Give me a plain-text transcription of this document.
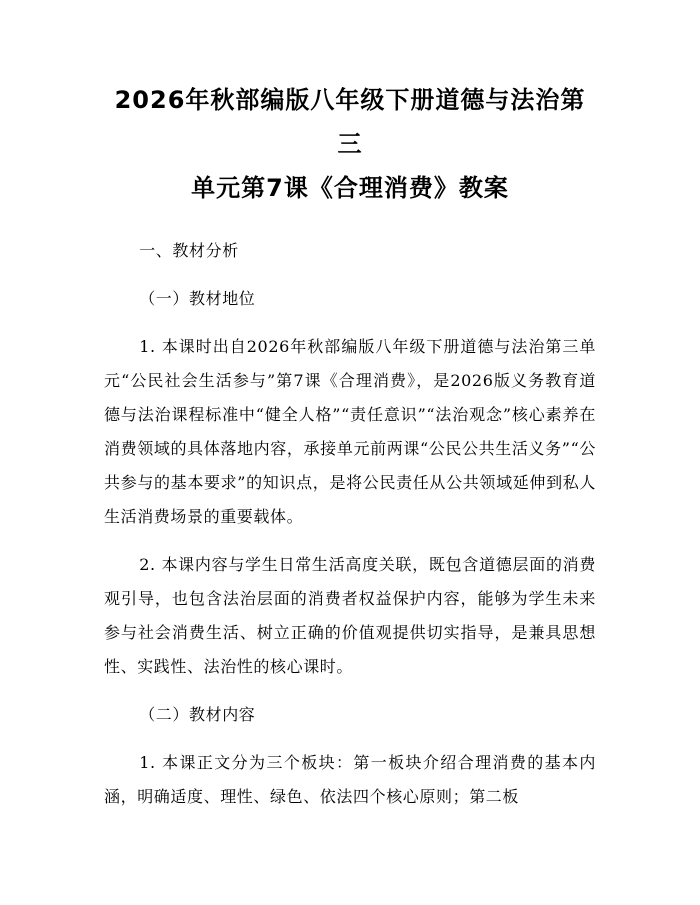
2026年秋部编版八年级下册道德与法治第三
单元第7课《合理消费》教案

一、教材分析

（一）教材地位

1. 本课时出自2026年秋部编版八年级下册道德与法治第三单元“公民社会生活参与”第7课《合理消费》，是2026版义务教育道德与法治课程标准中“健全人格”“责任意识”“法治观念”核心素养在消费领域的具体落地内容，承接单元前两课“公民公共生活义务”“公共参与的基本要求”的知识点，是将公民责任从公共领域延伸到私人生活消费场景的重要载体。

2. 本课内容与学生日常生活高度关联，既包含道德层面的消费观引导，也包含法治层面的消费者权益保护内容，能够为学生未来参与社会消费生活、树立正确的价值观提供切实指导，是兼具思想性、实践性、法治性的核心课时。

（二）教材内容

1. 本课正文分为三个板块：第一板块介绍合理消费的基本内涵，明确适度、理性、绿色、依法四个核心原则；第二板
